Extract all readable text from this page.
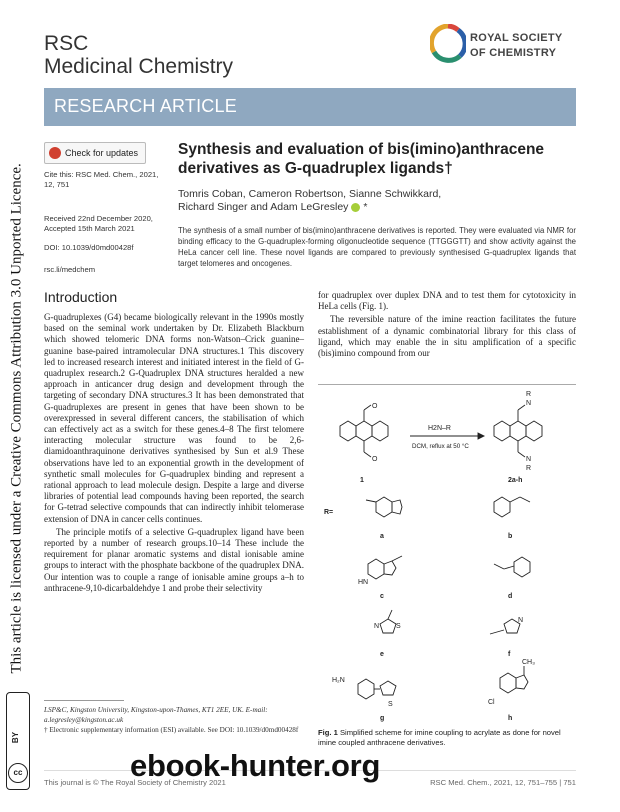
RSC
Medicinal Chemistry
ROYAL SOCIETY
OF CHEMISTRY
RESEARCH ARTICLE
This article is licensed under a Creative Commons Attribution 3.0 Unported Licence.
BY
cc
Check for updates
Cite this: RSC Med. Chem., 2021, 12, 751
Received 22nd December 2020, Accepted 15th March 2021
DOI: 10.1039/d0md00428f
rsc.li/medchem
Synthesis and evaluation of bis(imino)anthracene derivatives as G-quadruplex ligands†
Tomris Coban, Cameron Robertson, Sianne Schwikkard, Richard Singer and Adam LeGresley *
The synthesis of a small number of bis(imino)anthracene derivatives is reported. They were evaluated via NMR for binding efficacy to the G-quadruplex-forming oligonucleotide sequence (TTGGGTT) and show activity against the HeLa cancer cell line. These novel ligands are compared to previously synthesised G-quadruplex ligands that target telomeres and oncogenes.
Introduction

G-quadruplexes (G4) became biologically relevant in the 1990s mostly based on the seminal work undertaken by Dr. Elizabeth Blackburn which showed telomeric DNA forms non-Watson–Crick guanine–guanine base-paired intramolecular DNA structures.1 This discovery led to increased research interest and initiated interest in the field of G-quadruplex research.2 G-Quadruplex DNA structures heralded a new approach in anticancer drug design and development through the targeting of secondary DNA structures.3 It has been demonstrated that G-quadruplexes are present in genes that have been shown to be overexpressed in several different cancers, the stabilisation of which can effectively act as a switch for these genes.4–8 The first telomere interacting molecular structure was found to be 2,6-diamidoanthraquinone derivatives synthesised by Sun et al.9 These observations have led to an exponential growth in the development of synthetic small molecules for G-quadruplex binding and represent a rational approach to lead molecule design. Despite a large and diverse libraries of potential lead compounds having been reported, the search for G-tetrad selective compounds that can indirectly inhibit telomerase extension of DNA in cancer cells continues.

The principle motifs of a selective G-quadruplex ligand have been reported by a number of research groups.10–14 These include the requirement for planar aromatic systems and distal ionisable amine groups to interact with the phosphate backbone of the quadruplex DNA. Our intention was to couple a range of ionisable amine groups a–h to anthracene-9,10-dicarbaldehdye 1 and probe their selectivity

for quadruplex over duplex DNA and to test them for cytotoxicity in HeLa cells (Fig. 1).

The reversible nature of the imine reaction facilitates the future establishment of a dynamic combinatorial library for this class of ligand, which may enable the in situ amplification of a specific (bis)imino compound from our

O
O
1
H2N–R
DCM, reflux at 50 °C
N
R
N
R
2a-h
R=
HN
N S
N
H₂N
S
CH₃
Cl
a	b
c	d
e	f
g	h
Fig. 1 Simplified scheme for imine coupling to acrylate as done for novel imine coupled anthracene derivatives.
LSP&C, Kingston University, Kingston-upon-Thames, KT1 2EE, UK. E-mail: a.legresley@kingston.ac.uk
† Electronic supplementary information (ESI) available. See DOI: 10.1039/d0md00428f
This journal is © The Royal Society of Chemistry 2021	RSC Med. Chem., 2021, 12, 751–755 | 751
ebook-hunter.org
